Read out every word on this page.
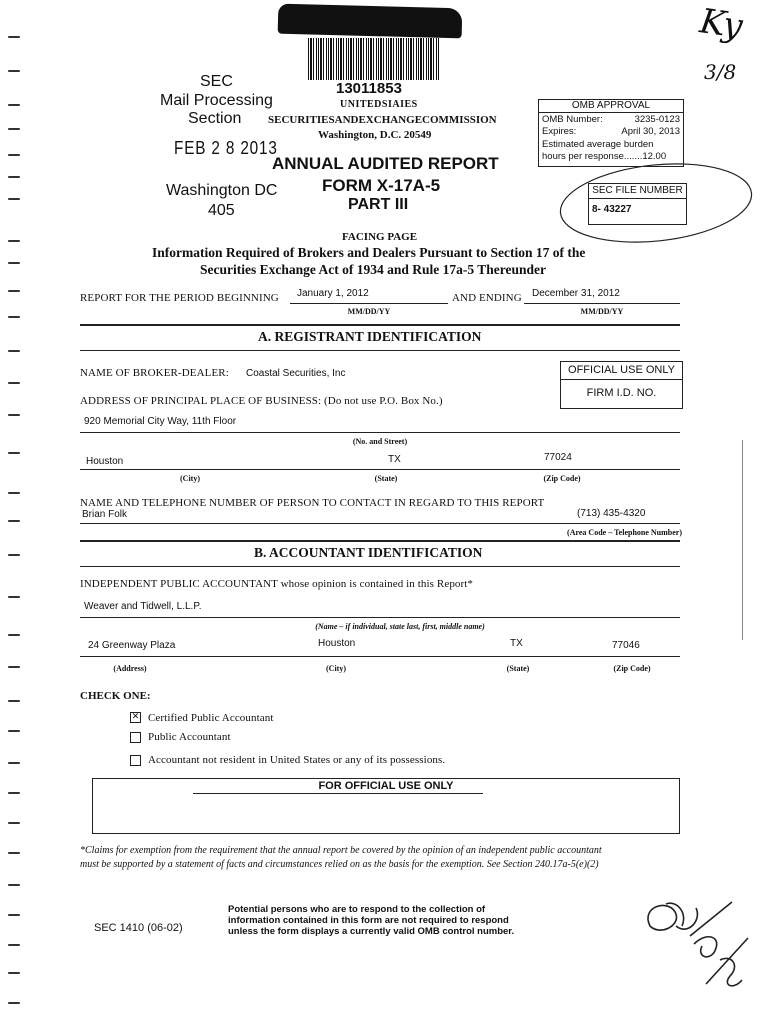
13011853
SEC
Mail Processing
Section
FEB 2 8 2013
Washington DC
405
UNITEDSIAIES
SECURITIESANDEXCHANGECOMMISSION
Washington, D.C. 20549
ANNUAL AUDITED REPORT
FORM X-17A-5
PART III
OMB APPROVAL
OMB Number:	3235-0123
Expires:	April 30, 2013
Estimated average burden
hours per response.......12.00
SEC FILE NUMBER
8- 43227
Ky
3/8
FACING PAGE
Information Required of Brokers and Dealers Pursuant to Section 17 of the
Securities Exchange Act of 1934 and Rule 17a-5 Thereunder
REPORT FOR THE PERIOD BEGINNING January 1, 2012
MM/DD/YY
AND ENDING December 31, 2012
MM/DD/YY
A. REGISTRANT IDENTIFICATION
NAME OF BROKER-DEALER: Coastal Securities, Inc	OFFICIAL USE ONLY
FIRM I.D. NO.
ADDRESS OF PRINCIPAL PLACE OF BUSINESS: (Do not use P.O. Box No.)
920 Memorial City Way, 11th Floor
(No. and Street)
Houston	TX	77024
(City)	(State)	(Zip Code)
NAME AND TELEPHONE NUMBER OF PERSON TO CONTACT IN REGARD TO THIS REPORT
Brian Folk	(713) 435-4320
(Area Code – Telephone Number)
B. ACCOUNTANT IDENTIFICATION
INDEPENDENT PUBLIC ACCOUNTANT whose opinion is contained in this Report*
Weaver and Tidwell, L.L.P.
(Name – if individual, state last, first, middle name)
24 Greenway Plaza	Houston	TX	77046
(Address)	(City)	(State)	(Zip Code)
CHECK ONE:
✕ Certified Public Accountant
Public Accountant
Accountant not resident in United States or any of its possessions.
FOR OFFICIAL USE ONLY
*Claims for exemption from the requirement that the annual report be covered by the opinion of an independent public accountant
must be supported by a statement of facts and circumstances relied on as the basis for the exemption. See Section 240.17a-5(e)(2)
SEC 1410 (06-02)
Potential persons who are to respond to the collection of
information contained in this form are not required to respond
unless the form displays a currently valid OMB control number.
